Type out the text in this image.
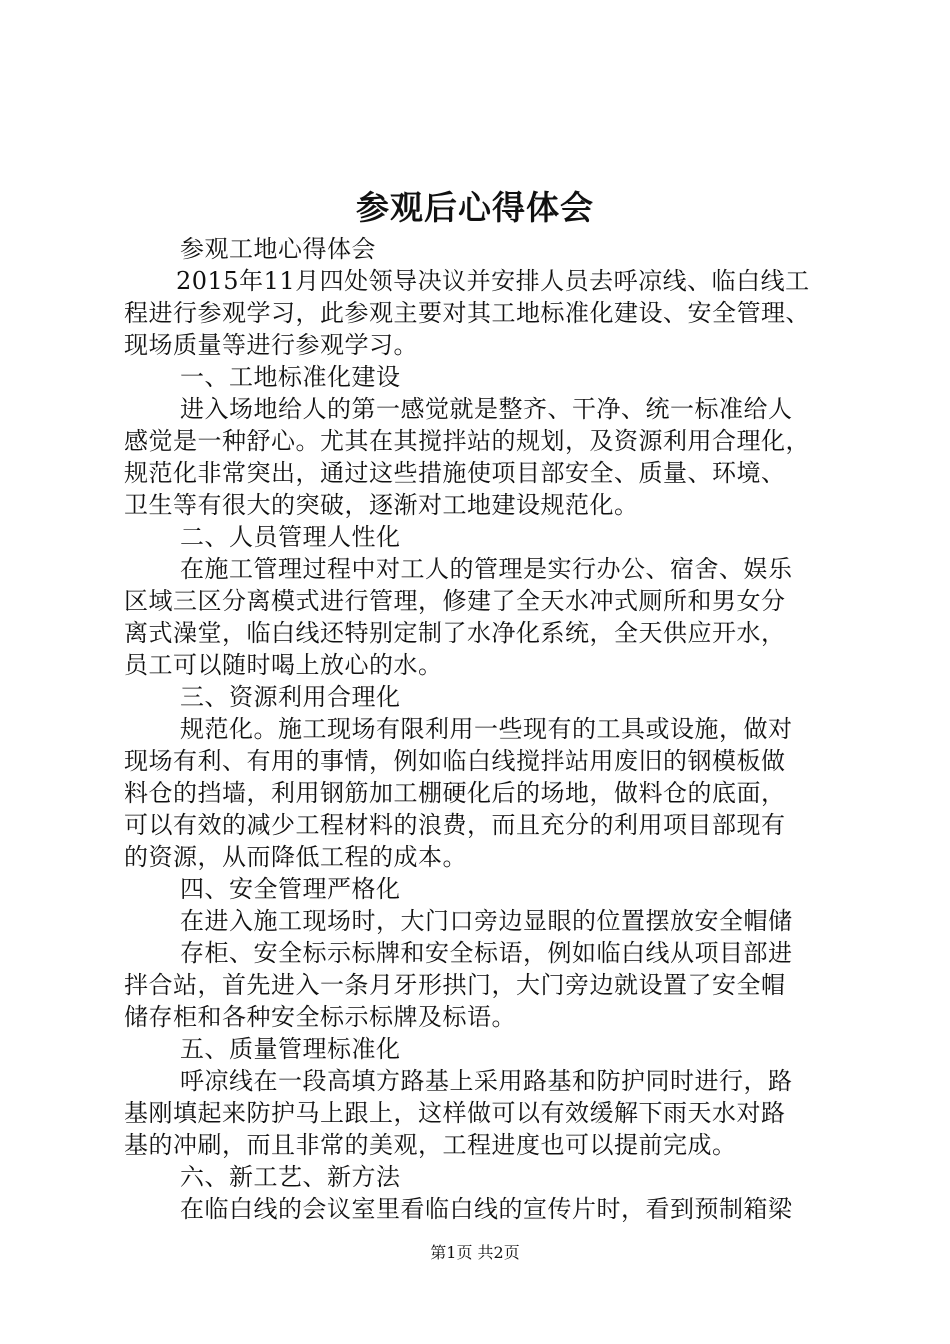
参观后心得体会
参观工地心得体会
2015年11月四处领导决议并安排人员去呼凉线、临白线工
程进行参观学习，此参观主要对其工地标准化建设、安全管理、
现场质量等进行参观学习。
一、工地标准化建设
进入场地给人的第一感觉就是整齐、干净、统一标准给人
感觉是一种舒心。尤其在其搅拌站的规划，及资源利用合理化，
规范化非常突出，通过这些措施使项目部安全、质量、环境、
卫生等有很大的突破，逐渐对工地建设规范化。
二、人员管理人性化
在施工管理过程中对工人的管理是实行办公、宿舍、娱乐
区域三区分离模式进行管理，修建了全天水冲式厕所和男女分
离式澡堂，临白线还特别定制了水净化系统，全天供应开水，
员工可以随时喝上放心的水。
三、资源利用合理化
规范化。施工现场有限利用一些现有的工具或设施，做对
现场有利、有用的事情，例如临白线搅拌站用废旧的钢模板做
料仓的挡墙，利用钢筋加工棚硬化后的场地，做料仓的底面，
可以有效的减少工程材料的浪费，而且充分的利用项目部现有
的资源，从而降低工程的成本。
四、安全管理严格化
在进入施工现场时，大门口旁边显眼的位置摆放安全帽储
存柜、安全标示标牌和安全标语，例如临白线从项目部进
拌合站，首先进入一条月牙形拱门，大门旁边就设置了安全帽
储存柜和各种安全标示标牌及标语。
五、质量管理标准化
呼凉线在一段高填方路基上采用路基和防护同时进行，路
基刚填起来防护马上跟上，这样做可以有效缓解下雨天水对路
基的冲刷，而且非常的美观，工程进度也可以提前完成。
六、新工艺、新方法
在临白线的会议室里看临白线的宣传片时，看到预制箱梁
第1页 共2页
